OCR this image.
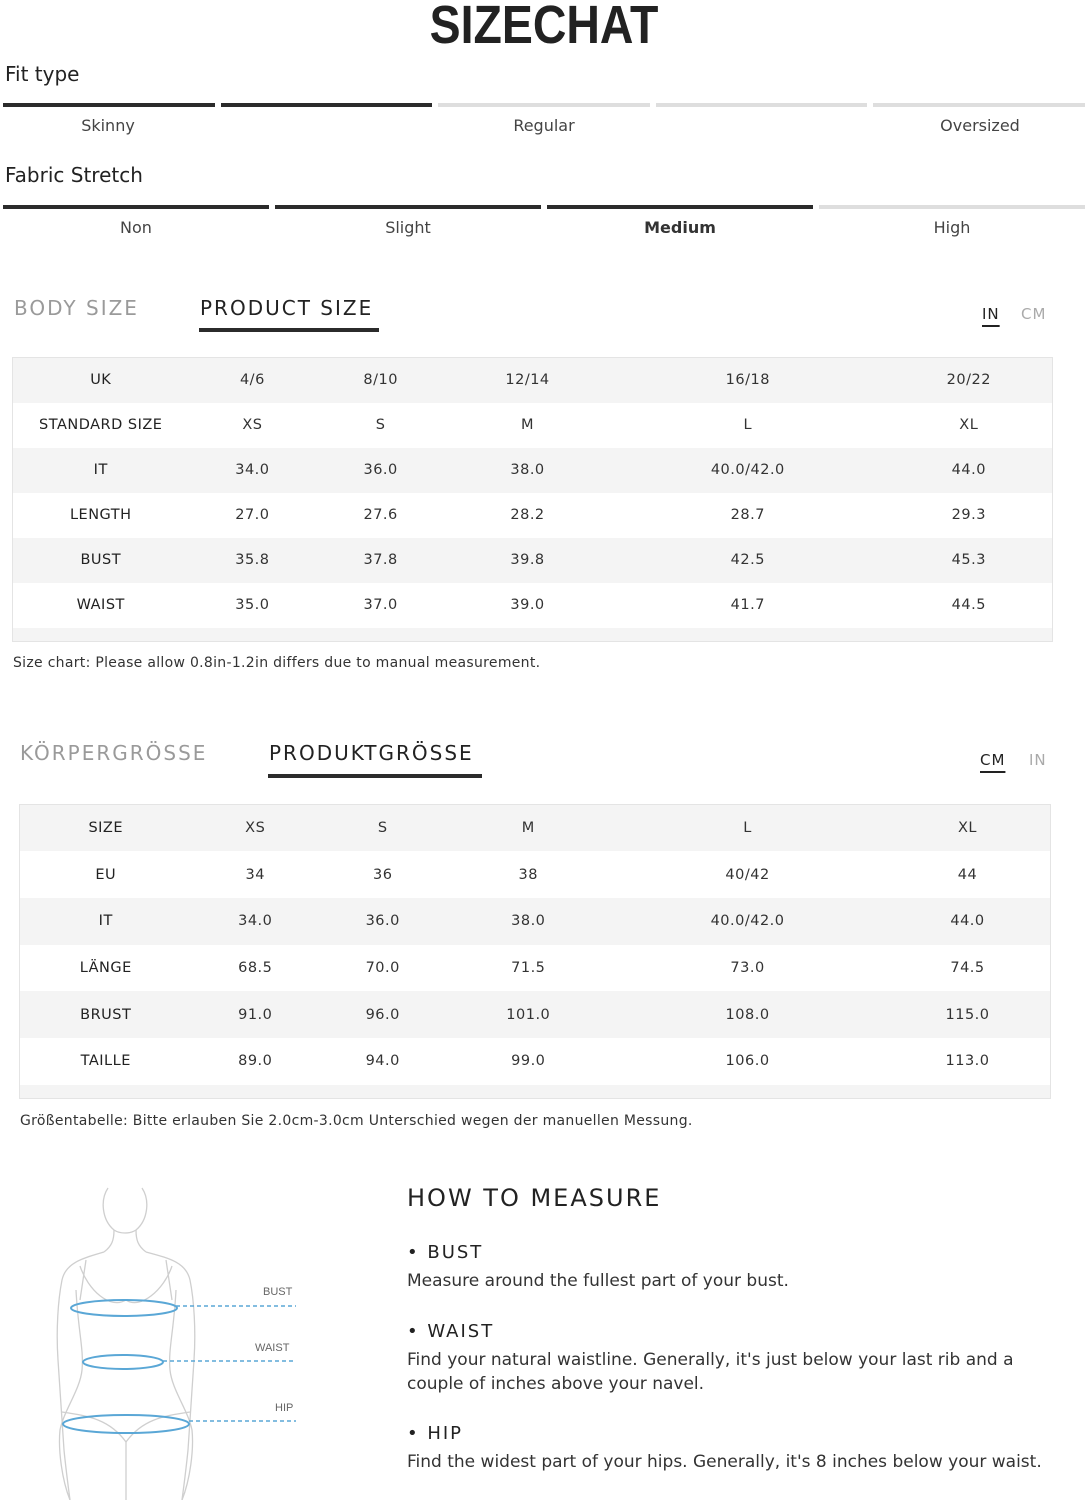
SIZECHAT
Fit type
Skinny	Regular	Oversized
Fabric Stretch
Non	Slight	Medium	High
BODY SIZE	PRODUCT SIZE	IN CM
UK	4/6	8/10	12/14	16/18	20/22
STANDARD SIZE	XS	S	M	L	XL
IT	34.0	36.0	38.0	40.0/42.0	44.0
LENGTH	27.0	27.6	28.2	28.7	29.3
BUST	35.8	37.8	39.8	42.5	45.3
WAIST	35.0	37.0	39.0	41.7	44.5

Size chart: Please allow 0.8in-1.2in differs due to manual measurement.
KÖRPERGRÖSSE	PRODUKTGRÖSSE	CM IN
SIZE	XS	S	M	L	XL
EU	34	36	38	40/42	44
IT	34.0	36.0	38.0	40.0/42.0	44.0
LÄNGE	68.5	70.0	71.5	73.0	74.5
BRUST	91.0	96.0	101.0	108.0	115.0
TAILLE	89.0	94.0	99.0	106.0	113.0

Größentabelle: Bitte erlauben Sie 2.0cm-3.0cm Unterschied wegen der manuellen Messung.
BUST
WAIST
HIP
HOW TO MEASURE
• BUST
Measure around the fullest part of your bust.
• WAIST
Find your natural waistline. Generally, it's just below your last rib and a couple of inches above your navel.
• HIP
Find the widest part of your hips. Generally, it's 8 inches below your waist.
